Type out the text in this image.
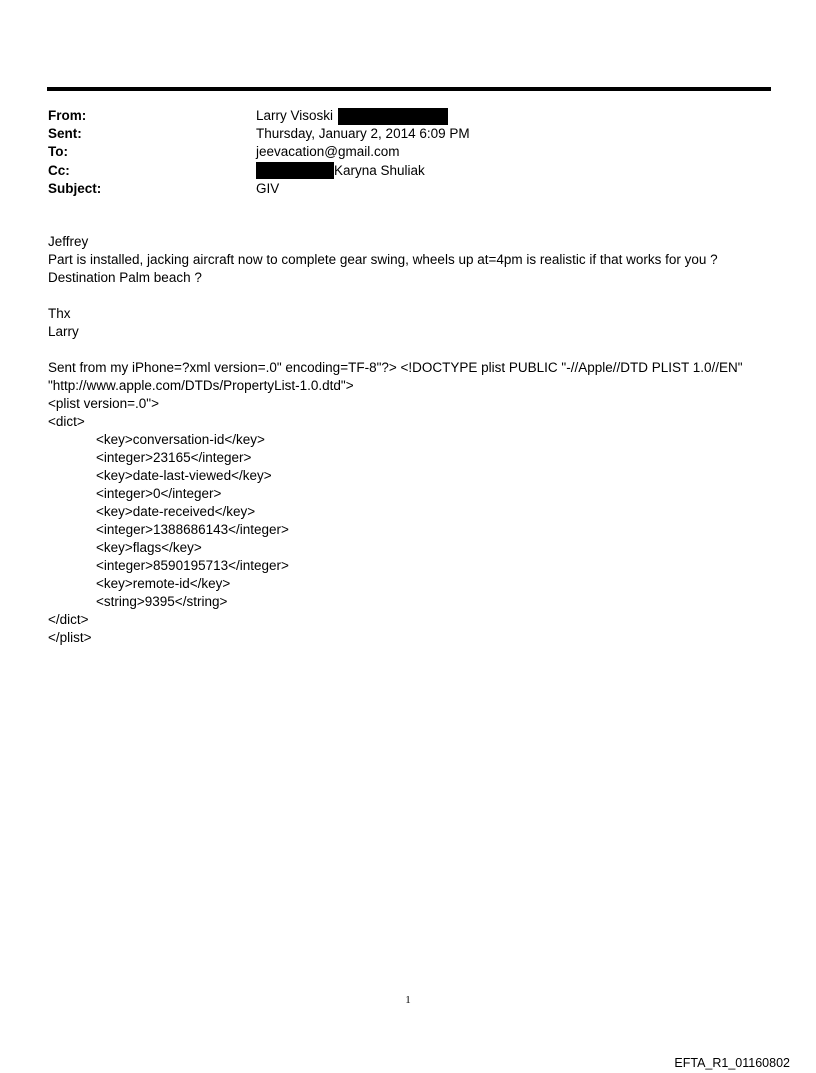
From:	Larry Visoski
Sent:	Thursday, January 2, 2014 6:09 PM
To:	jeevacation@gmail.com
Cc:	Karyna Shuliak
Subject:	GIV
Jeffrey
Part is installed, jacking aircraft now to complete gear swing, wheels up at=4pm is realistic if that works for you ?
Destination Palm beach ?
Thx
Larry
Sent from my iPhone=?xml version=.0" encoding=TF-8"?> <!DOCTYPE plist PUBLIC "-//Apple//DTD PLIST 1.0//EN"
"http://www.apple.com/DTDs/PropertyList-1.0.dtd">
<plist version=.0">
<dict>
<key>conversation-id</key>
<integer>23165</integer>
<key>date-last-viewed</key>
<integer>0</integer>
<key>date-received</key>
<integer>1388686143</integer>
<key>flags</key>
<integer>8590195713</integer>
<key>remote-id</key>
<string>9395</string>
</dict>
</plist>
1
EFTA_R1_01160802
